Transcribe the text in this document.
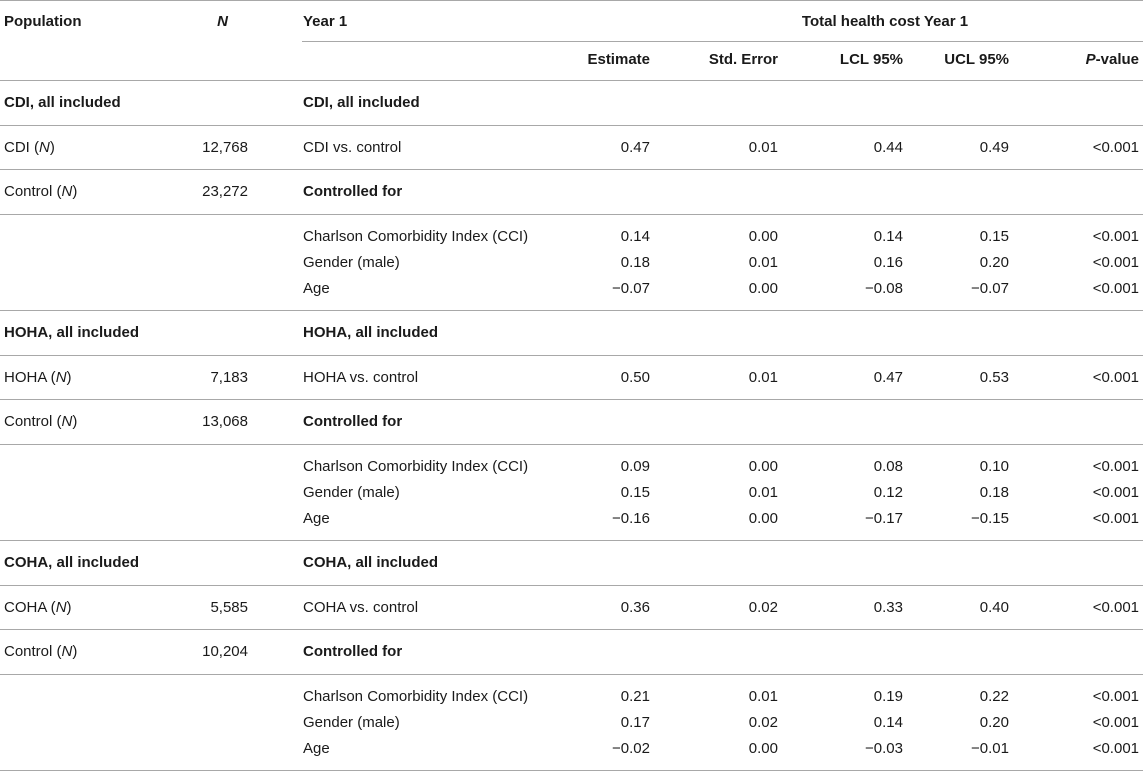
Population	N	Year 1	Total health cost Year 1
Estimate	Std. Error	LCL 95%	UCL 95%	P-value
CDI, all included	CDI, all included
CDI (N)	12,768	CDI vs. control	0.47	0.01	0.44	0.49	<0.001
Control (N)	23,272	Controlled for
Charlson Comorbidity Index (CCI)	0.14	0.00	0.14	0.15	<0.001
Gender (male)	0.18	0.01	0.16	0.20	<0.001
Age	−0.07	0.00	−0.08	−0.07	<0.001
HOHA, all included	HOHA, all included
HOHA (N)	7,183	HOHA vs. control	0.50	0.01	0.47	0.53	<0.001
Control (N)	13,068	Controlled for
Charlson Comorbidity Index (CCI)	0.09	0.00	0.08	0.10	<0.001
Gender (male)	0.15	0.01	0.12	0.18	<0.001
Age	−0.16	0.00	−0.17	−0.15	<0.001
COHA, all included	COHA, all included
COHA (N)	5,585	COHA vs. control	0.36	0.02	0.33	0.40	<0.001
Control (N)	10,204	Controlled for
Charlson Comorbidity Index (CCI)	0.21	0.01	0.19	0.22	<0.001
Gender (male)	0.17	0.02	0.14	0.20	<0.001
Age	−0.02	0.00	−0.03	−0.01	<0.001
